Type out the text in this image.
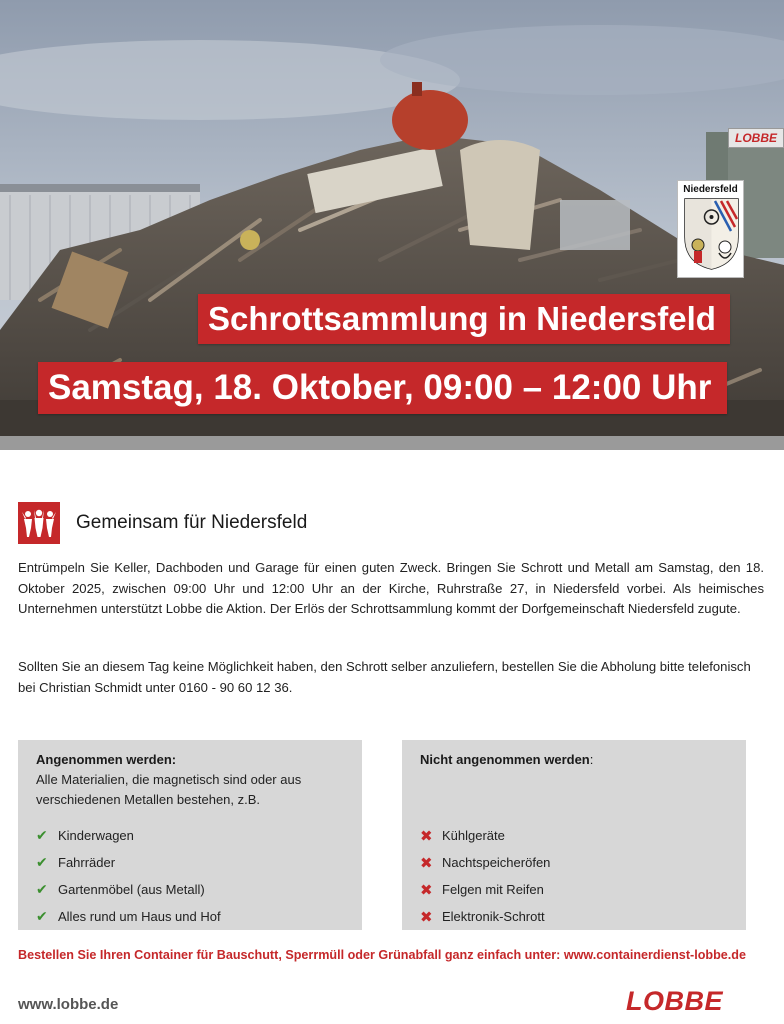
LOBBE
Niedersfeld
Schrottsammlung in Niedersfeld
Samstag, 18. Oktober, 09:00 – 12:00 Uhr
Gemeinsam für Niedersfeld

Entrümpeln Sie Keller, Dachboden und Garage für einen guten Zweck. Bringen Sie Schrott und Metall am Samstag, den 18. Oktober 2025, zwischen 09:00 Uhr und 12:00 Uhr an der Kirche, Ruhrstraße 27, in Niedersfeld vorbei. Als heimisches Unternehmen unterstützt Lobbe die Aktion. Der Erlös der Schrottsammlung kommt der Dorfgemeinschaft Niedersfeld zugute.

Sollten Sie an diesem Tag keine Möglichkeit haben, den Schrott selber anzuliefern, bestellen Sie die Abholung bitte telefonisch bei Christian Schmidt unter 0160 - 90 60 12 36.

Angenommen werden:
Alle Materialien, die magnetisch sind oder aus verschiedenen Metallen bestehen, z.B.
✔ Kinderwagen
✔ Fahrräder
✔ Gartenmöbel (aus Metall)
✔ Alles rund um Haus und Hof
Nicht angenommen werden:
✖ Kühlgeräte
✖ Nachtspeicheröfen
✖ Felgen mit Reifen
✖ Elektronik-Schrott
Bestellen Sie Ihren Container für Bauschutt, Sperrmüll oder Grünabfall ganz einfach unter: www.containerdienst-lobbe.de
www.lobbe.de	LOBBE
